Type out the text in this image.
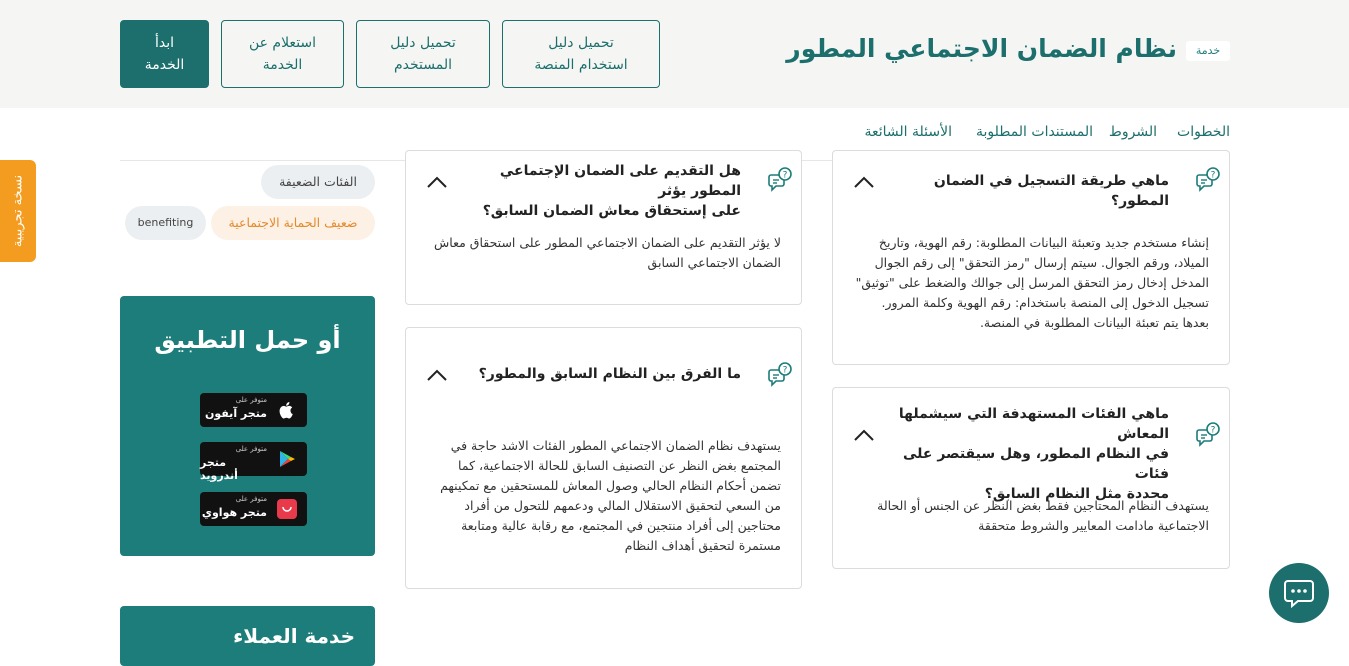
خدمة
نظام الضمان الاجتماعي المطور
تحميل دليل
استخدام المنصة
تحميل دليل
المستخدم
استعلام عن
الخدمة
ابدأ
الخدمة
الخطوات
الشروط
المستندات المطلوبة
الأسئلة الشائعة
?
ماهي طريقة التسجيل في الضمان المطور؟
إنشاء مستخدم جديد وتعبئة البيانات المطلوبة: رقم الهوية، وتاريخ
الميلاد، ورقم الجوال. سيتم إرسال "رمز التحقق" إلى رقم الجوال
المدخل إدخال رمز التحقق المرسل إلى جوالك والضغط على "توثيق"
تسجيل الدخول إلى المنصة باستخدام: رقم الهوية وكلمة المرور.
بعدها يتم تعبئة البيانات المطلوبة في المنصة.
?
هل التقديم على الضمان الإجتماعي المطور يؤثر
على إستحقاق معاش الضمان السابق؟
لا يؤثر التقديم على الضمان الاجتماعي المطور على استحقاق معاش
الضمان الاجتماعي السابق
?
ماهي الفئات المستهدفة التي سيشملها المعاش
في النظام المطور، وهل سيقتصر على فئات
محددة مثل النظام السابق؟
يستهدف النظام المحتاجين فقط بغض النظر عن الجنس أو الحالة
الاجتماعية مادامت المعايير والشروط متحققة
?
ما الفرق بين النظام السابق والمطور؟
يستهدف نظام الضمان الاجتماعي المطور الفئات الاشد حاجة في
المجتمع بغض النظر عن التصنيف السابق للحالة الاجتماعية، كما
تضمن أحكام النظام الحالي وصول المعاش للمستحقين مع تمكينهم
من السعي لتحقيق الاستقلال المالي ودعمهم للتحول من أفراد
محتاجين إلى أفراد منتجين في المجتمع، مع رقابة عالية ومتابعة
مستمرة لتحقيق أهداف النظام
الفئات الضعيفة
ضعيف الحماية الاجتماعية
benefiting
أو حمل التطبيق
متوفر على
متجر آيفون
متوفر على
متجر أندرويد
متوفر على
متجر هواوي
خدمة العملاء
نسخة تجريبية
